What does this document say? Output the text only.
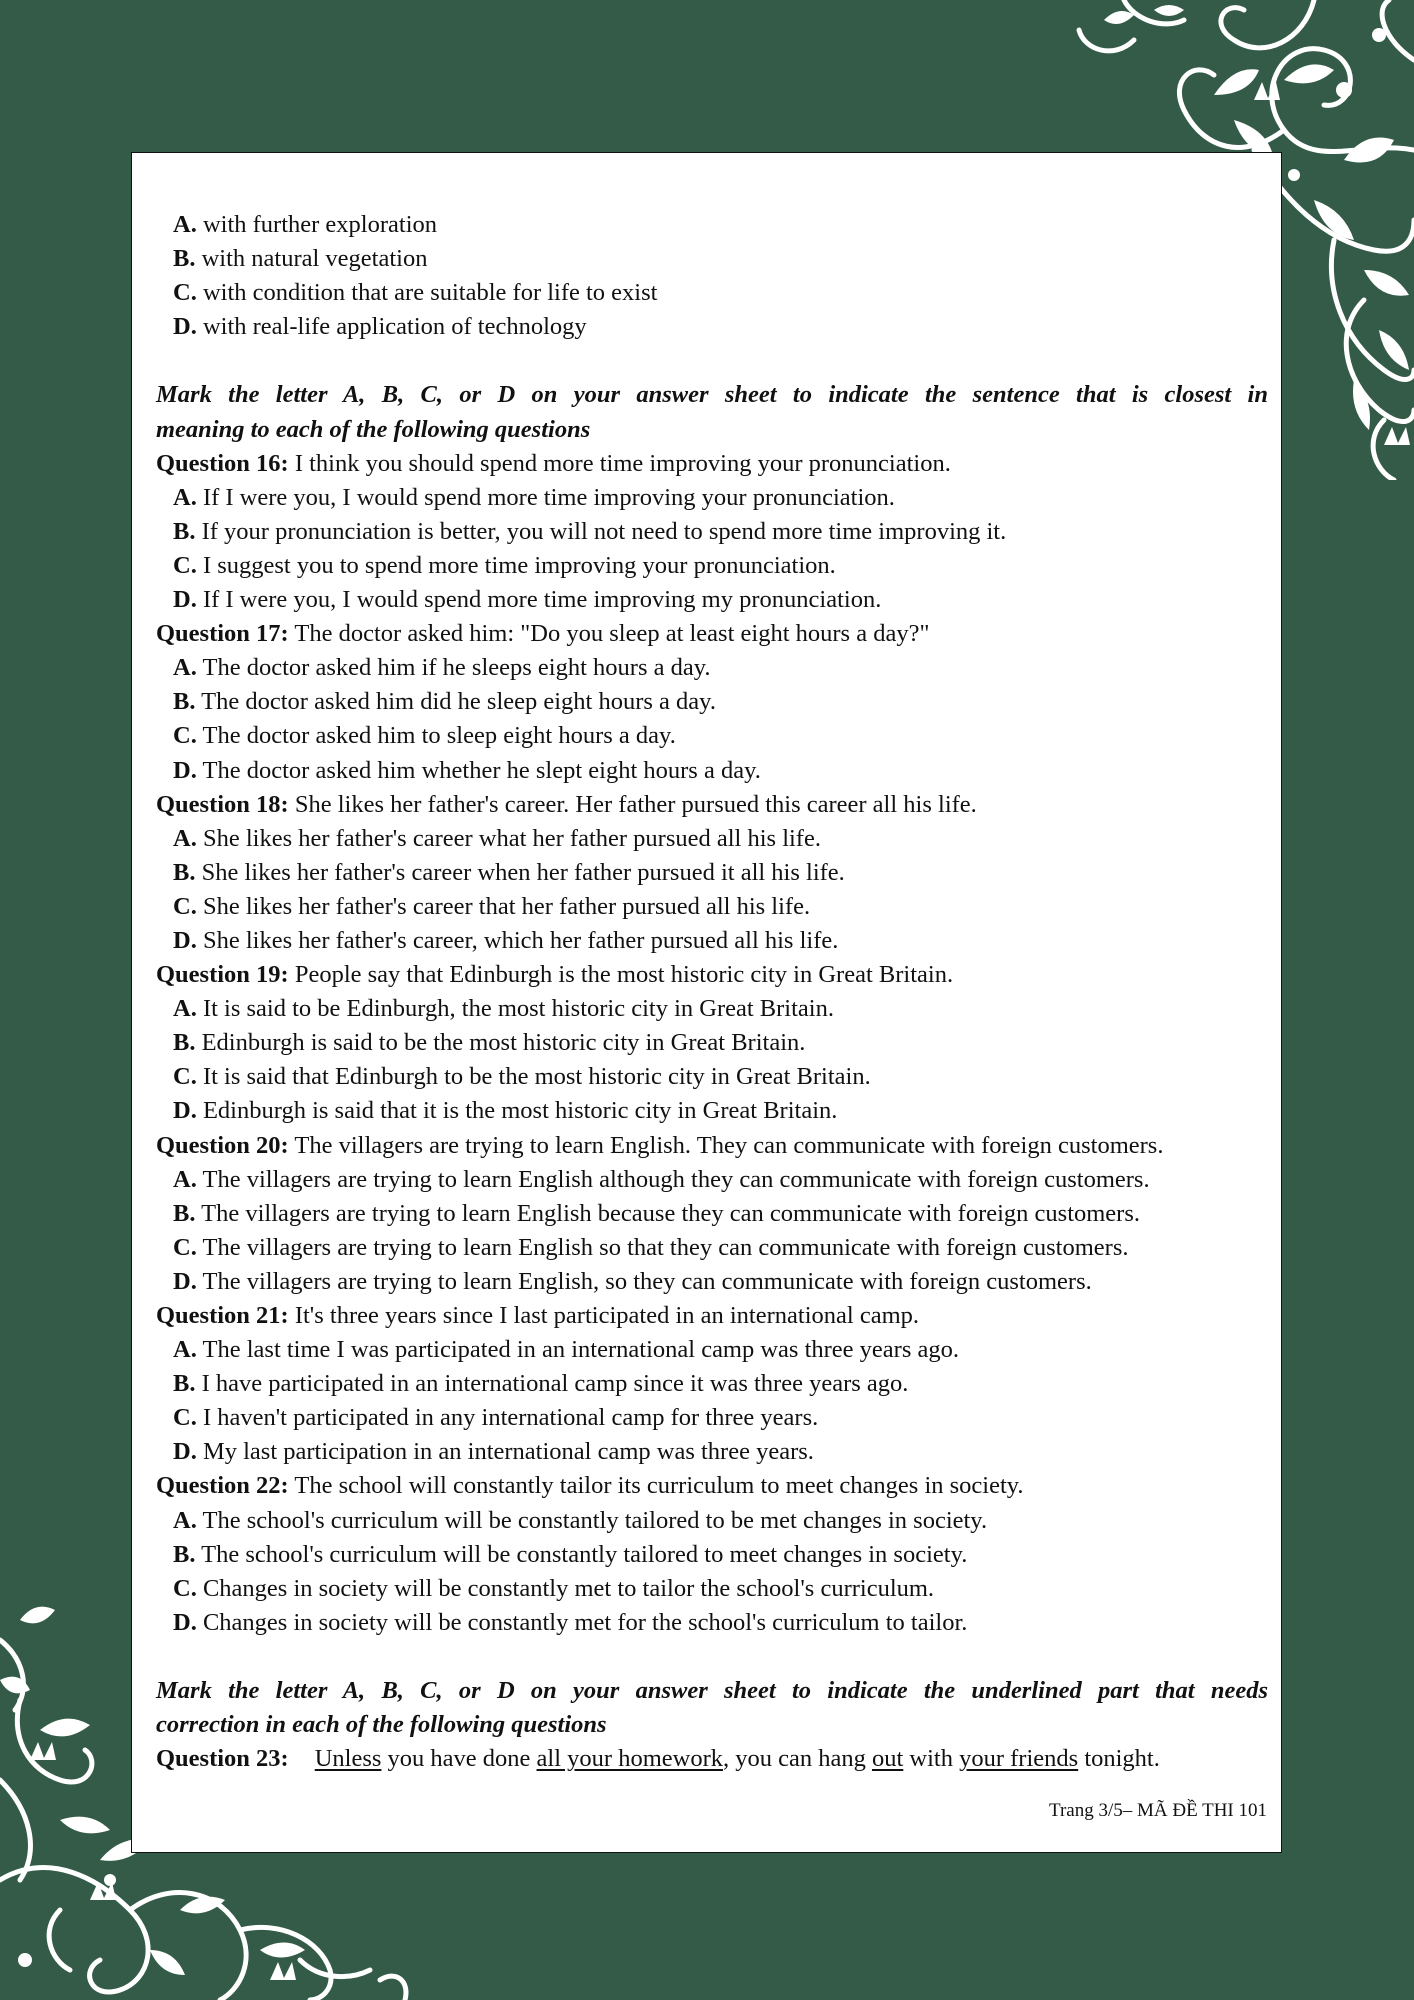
A. with further exploration
B. with natural vegetation
C. with condition that are suitable for life to exist
D. with real-life application of technology
Mark the letter A, B, C, or D on your answer sheet to indicate the sentence that is closest in
meaning to each of the following questions
Question 16: I think you should spend more time improving your pronunciation.
A. If I were you, I would spend more time improving your pronunciation.
B. If your pronunciation is better, you will not need to spend more time improving it.
C. I suggest you to spend more time improving your pronunciation.
D. If I were you, I would spend more time improving my pronunciation.
Question 17: The doctor asked him: "Do you sleep at least eight hours a day?"
A. The doctor asked him if he sleeps eight hours a day.
B. The doctor asked him did he sleep eight hours a day.
C. The doctor asked him to sleep eight hours a day.
D. The doctor asked him whether he slept eight hours a day.
Question 18: She likes her father's career. Her father pursued this career all his life.
A. She likes her father's career what her father pursued all his life.
B. She likes her father's career when her father pursued it all his life.
C. She likes her father's career that her father pursued all his life.
D. She likes her father's career, which her father pursued all his life.
Question 19: People say that Edinburgh is the most historic city in Great Britain.
A. It is said to be Edinburgh, the most historic city in Great Britain.
B. Edinburgh is said to be the most historic city in Great Britain.
C. It is said that Edinburgh to be the most historic city in Great Britain.
D. Edinburgh is said that it is the most historic city in Great Britain.
Question 20: The villagers are trying to learn English. They can communicate with foreign customers.
A. The villagers are trying to learn English although they can communicate with foreign customers.
B. The villagers are trying to learn English because they can communicate with foreign customers.
C. The villagers are trying to learn English so that they can communicate with foreign customers.
D. The villagers are trying to learn English, so they can communicate with foreign customers.
Question 21: It's three years since I last participated in an international camp.
A. The last time I was participated in an international camp was three years ago.
B. I have participated in an international camp since it was three years ago.
C. I haven't participated in any international camp for three years.
D. My last participation in an international camp was three years.
Question 22: The school will constantly tailor its curriculum to meet changes in society.
A. The school's curriculum will be constantly tailored to be met changes in society.
B. The school's curriculum will be constantly tailored to meet changes in society.
C. Changes in society will be constantly met to tailor the school's curriculum.
D. Changes in society will be constantly met for the school's curriculum to tailor.
Mark the letter A, B, C, or D on your answer sheet to indicate the underlined part that needs
correction in each of the following questions
Question 23: Unless you have done all your homework, you can hang out with your friends tonight.
Trang 3/5– MÃ ĐỀ THI 101
